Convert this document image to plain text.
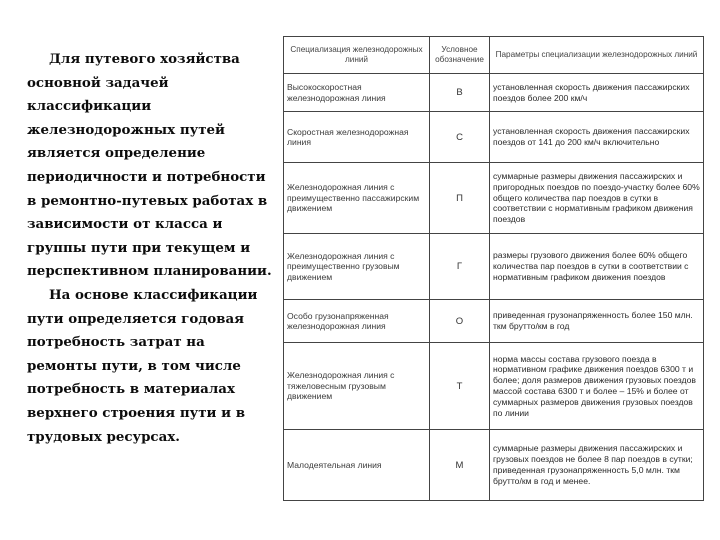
Для путевого хозяйства основной задачей классификации железнодорожных путей является определение периодичности и потребности в ремонтно-путевых работах в зависимости от класса и группы пути при текущем и перспективном планировании.

На основе классификации пути определяется годовая потребность затрат на ремонты пути, в том числе потребность в материалах верхнего строения пути и в трудовых ресурсах.

Специализация железнодорожных линий	Условное обозначение	Параметры специализации железнодорожных линий
Высокоскоростная железнодорожная линия	В	установленная скорость движения пассажирских поездов более 200 км/ч
Скоростная железнодорожная линия	С	установленная скорость движения пассажирских поездов от 141 до 200 км/ч включительно
Железнодорожная линия с преимущественно пассажирским движением	П	суммарные размеры движения пассажирских и пригородных поездов по поездо-участку более 60% общего количества пар поездов в сутки в соответствии с нормативным графиком движения поездов
Железнодорожная линия с преимущественно грузовым движением	Г	размеры грузового движения более 60% общего количества пар поездов в сутки в соответствии с нормативным графиком движения поездов
Особо грузонапряженная железнодорожная линия	О	приведенная грузонапряженность более 150 млн. ткм брутто/км в год
Железнодорожная линия с тяжеловесным грузовым движением	Т	норма массы состава грузового поезда в нормативном графике движения поездов 6300 т и более; доля размеров движения грузовых поездов массой состава 6300 т и более – 15% и более от суммарных размеров движения грузовых поездов по линии
Малодеятельная линия	М	суммарные размеры движения пассажирских и грузовых поездов не более 8 пар поездов в сутки; приведенная грузонапряженность 5,0 млн. ткм брутто/км в год и менее.
